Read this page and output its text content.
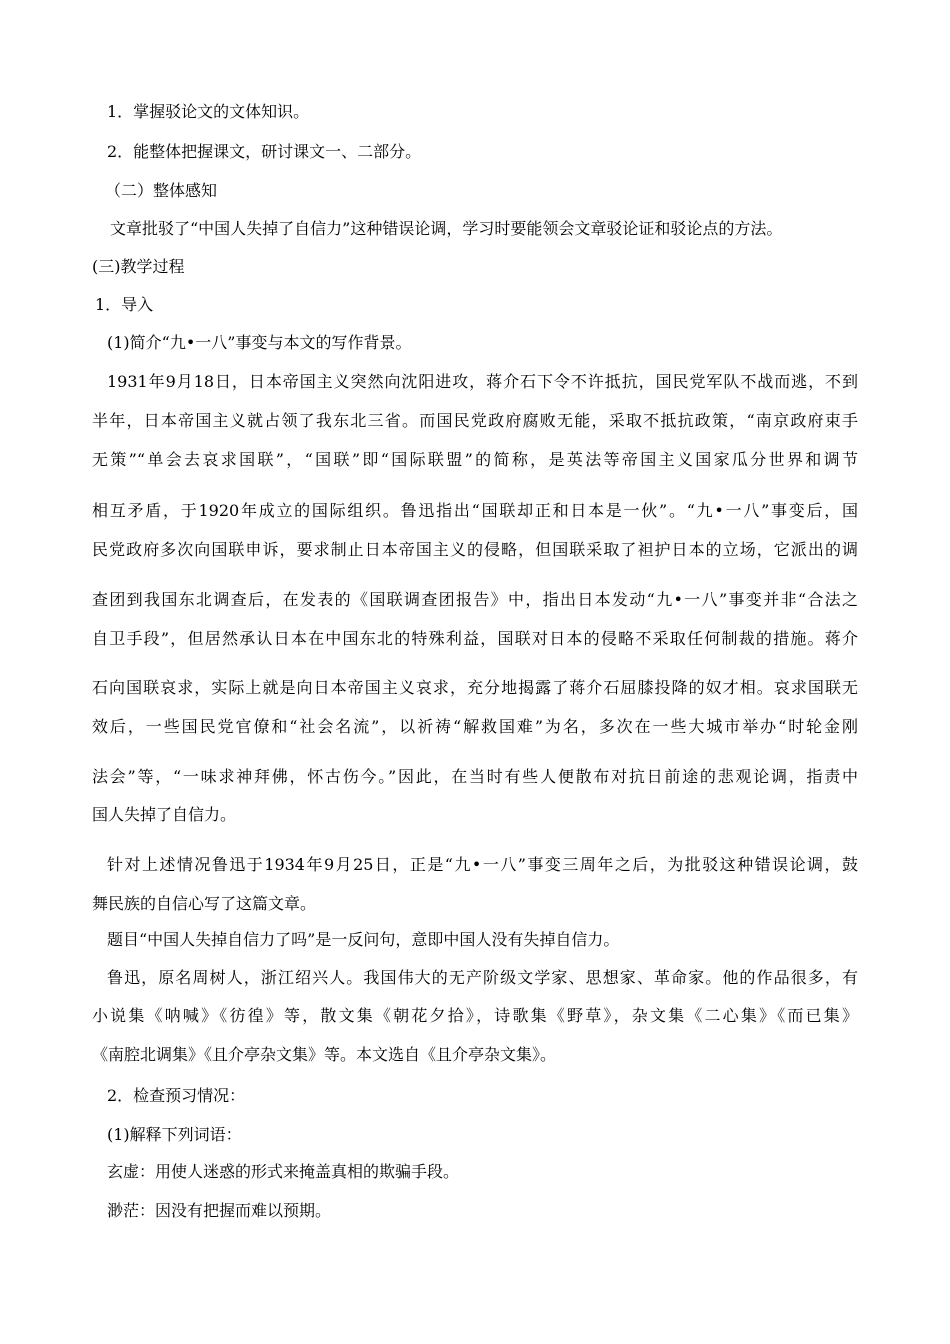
1．掌握驳论文的文体知识。
2．能整体把握课文，研讨课文一、二部分。
（二）整体感知
文章批驳了“中国人失掉了自信力”这种错误论调，学习时要能领会文章驳论证和驳论点的方法。
(三)教学过程
1．导入
(1)简介“九•一八”事变与本文的写作背景。
1931年9月18日，日本帝国主义突然向沈阳进攻，蒋介石下令不许抵抗，国民党军队不战而逃，不到
半年，日本帝国主义就占领了我东北三省。而国民党政府腐败无能，采取不抵抗政策，“南京政府束手
无策”“单会去哀求国联”，“国联”即“国际联盟”的简称，是英法等帝国主义国家瓜分世界和调节
相互矛盾，于1920年成立的国际组织。鲁迅指出“国联却正和日本是一伙”。“九•一八”事变后，国
民党政府多次向国联申诉，要求制止日本帝国主义的侵略，但国联采取了袒护日本的立场，它派出的调
查团到我国东北调查后，在发表的《国联调查团报告》中，指出日本发动“九•一八”事变并非“合法之
自卫手段”，但居然承认日本在中国东北的特殊利益，国联对日本的侵略不采取任何制裁的措施。蒋介
石向国联哀求，实际上就是向日本帝国主义哀求，充分地揭露了蒋介石屈膝投降的奴才相。哀求国联无
效后，一些国民党官僚和“社会名流”，以祈祷“解救国难”为名，多次在一些大城市举办“时轮金刚
法会”等，“一味求神拜佛，怀古伤今。”因此，在当时有些人便散布对抗日前途的悲观论调，指责中
国人失掉了自信力。
针对上述情况鲁迅于1934年9月25日，正是“九•一八”事变三周年之后，为批驳这种错误论调，鼓
舞民族的自信心写了这篇文章。
题目“中国人失掉自信力了吗”是一反问句，意即中国人没有失掉自信力。
鲁迅，原名周树人，浙江绍兴人。我国伟大的无产阶级文学家、思想家、革命家。他的作品很多，有
小说集《呐喊》《彷徨》等，散文集《朝花夕拾》，诗歌集《野草》，杂文集《二心集》《而已集》
《南腔北调集》《且介亭杂文集》等。本文选自《且介亭杂文集》。
2．检查预习情况：
(1)解释下列词语：
玄虚：用使人迷惑的形式来掩盖真相的欺骗手段。
渺茫：因没有把握而难以预期。
